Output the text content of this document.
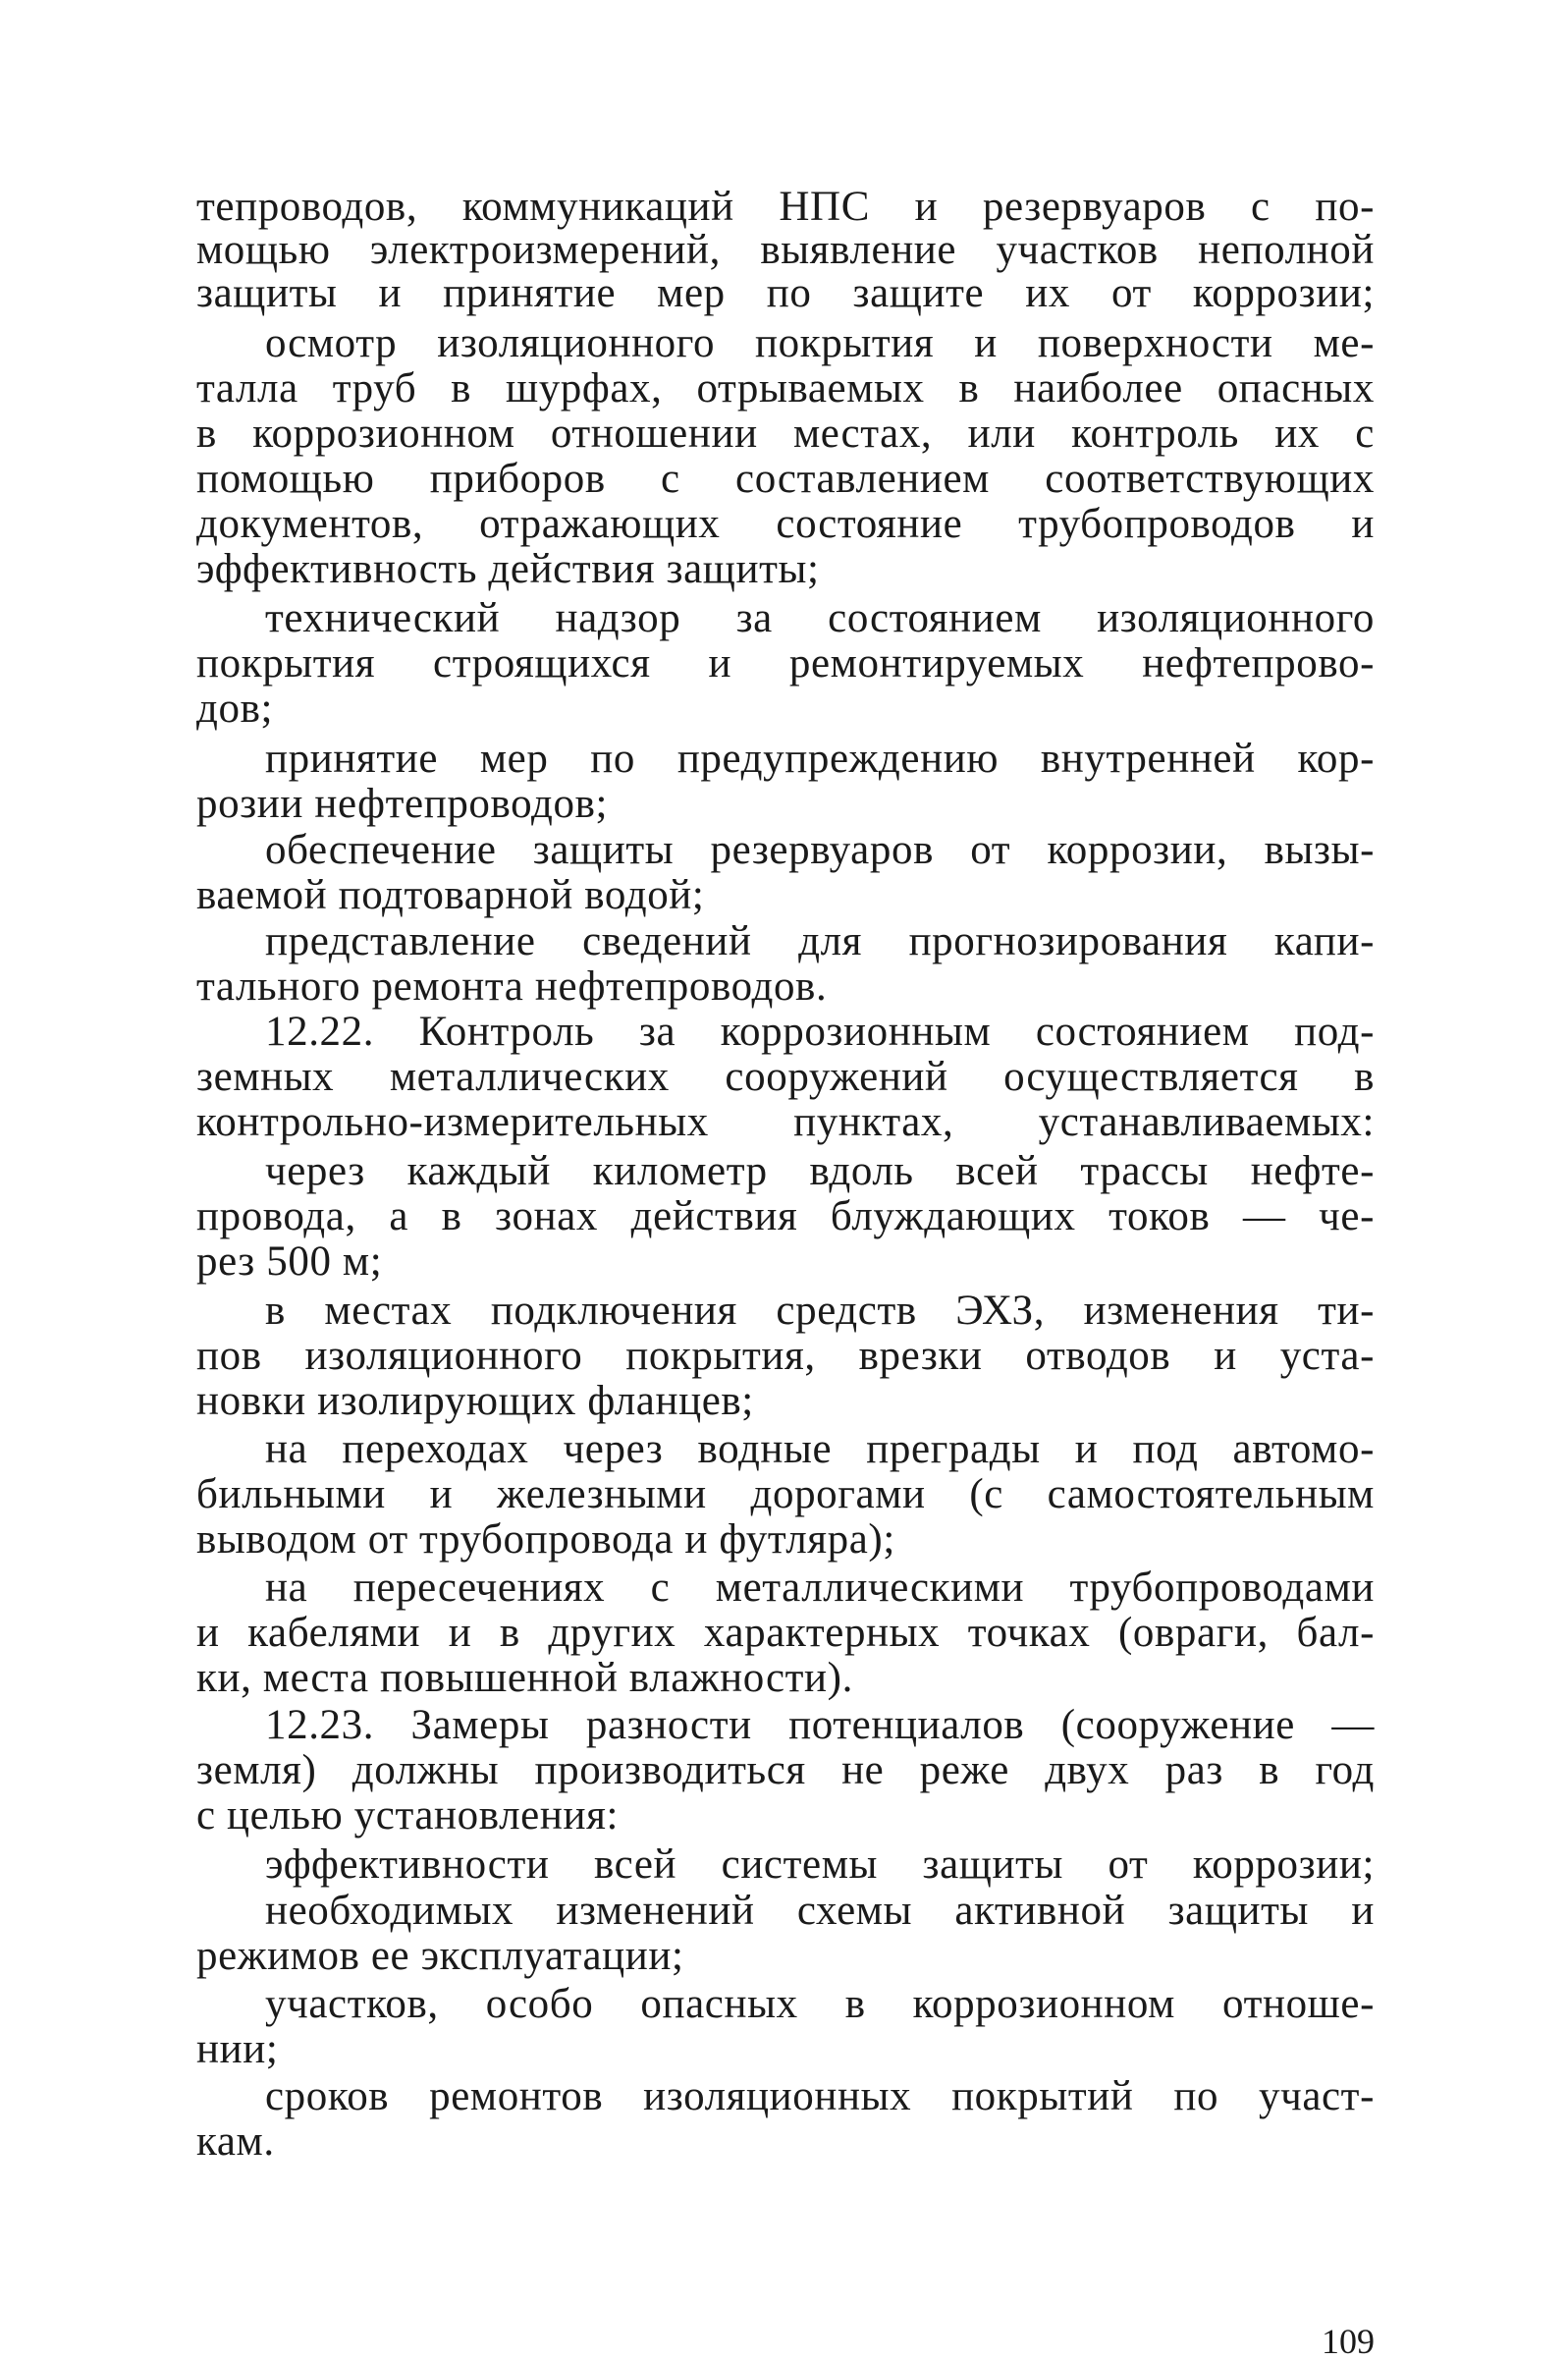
тепроводов, коммуникаций НПС и резервуаров с по-
мощью электроизмерений, выявление участков неполной
защиты и принятие мер по защите их от коррозии;
осмотр изоляционного покрытия и поверхности ме-
талла труб в шурфах, отрываемых в наиболее опасных
в коррозионном отношении местах, или контроль их с
помощью приборов с составлением соответствующих
документов, отражающих состояние трубопроводов и
эффективность действия защиты;
технический надзор за состоянием изоляционного
покрытия строящихся и ремонтируемых нефтепрово-
дов;
принятие мер по предупреждению внутренней кор-
розии нефтепроводов;
обеспечение защиты резервуаров от коррозии, вызы-
ваемой подтоварной водой;
представление сведений для прогнозирования капи-
тального ремонта нефтепроводов.
12.22. Контроль за коррозионным состоянием под-
земных металлических сооружений осуществляется в
контрольно-измерительных пунктах, устанавливаемых:
через каждый километр вдоль всей трассы нефте-
провода, а в зонах действия блуждающих токов — че-
рез 500 м;
в местах подключения средств ЭХЗ, изменения ти-
пов изоляционного покрытия, врезки отводов и уста-
новки изолирующих фланцев;
на переходах через водные преграды и под автомо-
бильными и железными дорогами (с самостоятельным
выводом от трубопровода и футляра);
на пересечениях с металлическими трубопроводами
и кабелями и в других характерных точках (овраги, бал-
ки, места повышенной влажности).
12.23. Замеры разности потенциалов (сооружение —
земля) должны производиться не реже двух раз в год
с целью установления:
эффективности всей системы защиты от коррозии;
необходимых изменений схемы активной защиты и
режимов ее эксплуатации;
участков, особо опасных в коррозионном отноше-
нии;
сроков ремонтов изоляционных покрытий по участ-
кам.
109
